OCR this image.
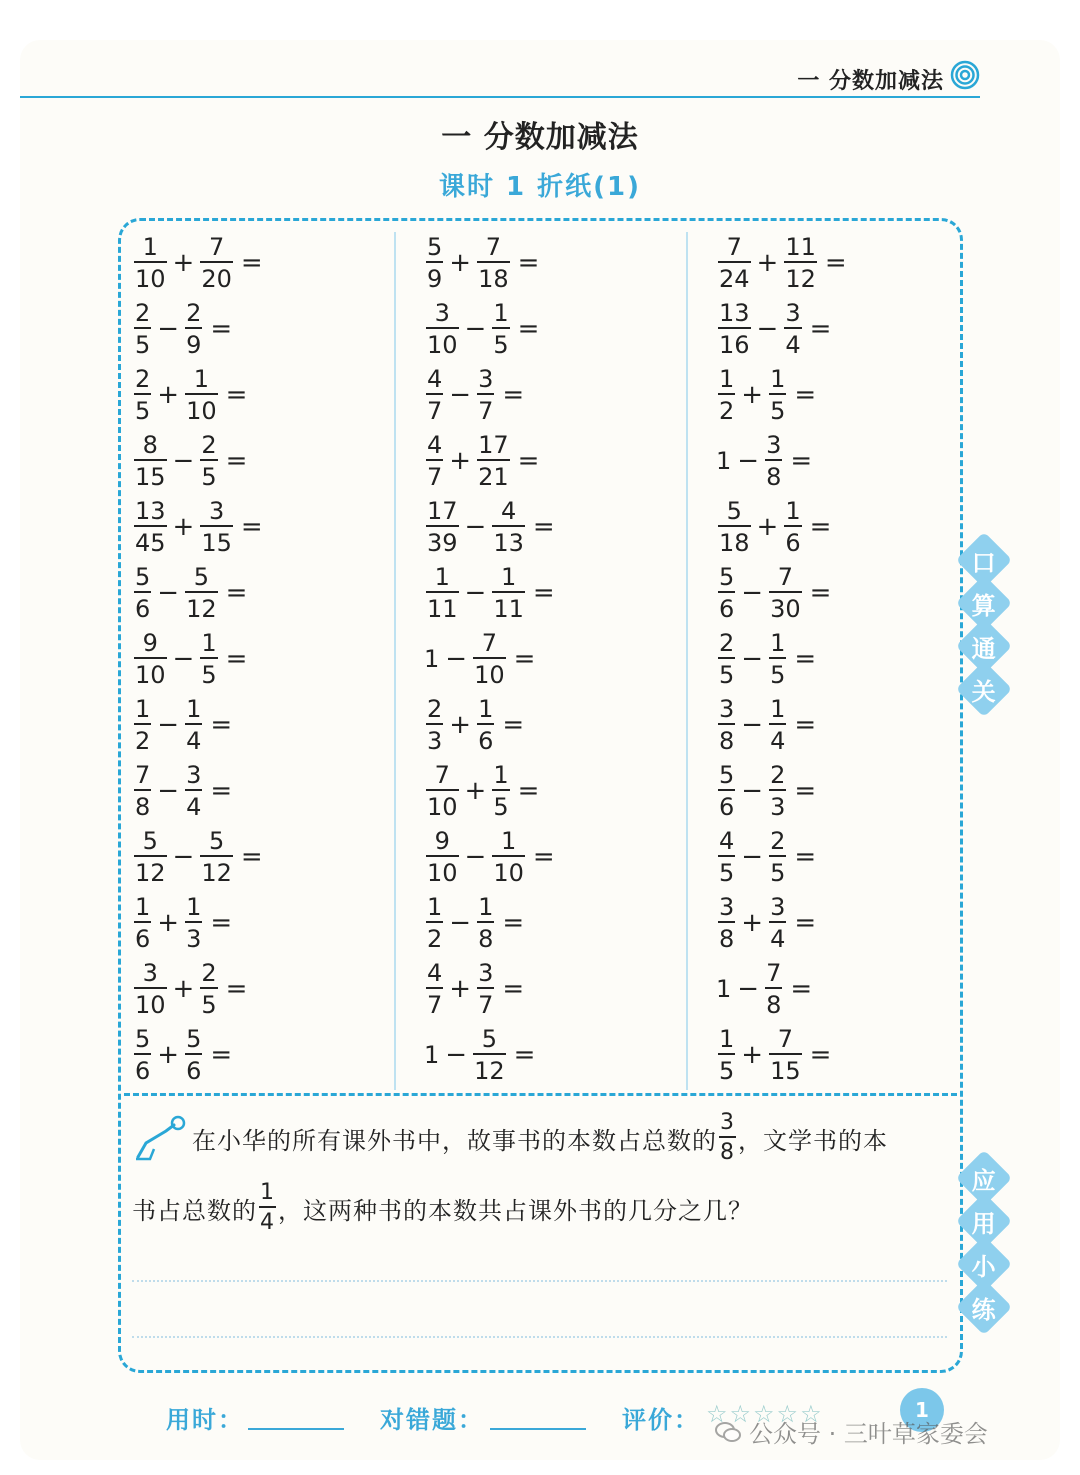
一 分数加减法
一 分数加减法
课时 1 折纸(1)
$\frac{1}{10} + \frac{7}{20}$ =
$\frac{2}{5} - \frac{2}{9}$ =
$\frac{2}{5} + \frac{1}{10}$ =
$\frac{8}{15} - \frac{2}{5}$ =
$\frac{13}{45} + \frac{3}{15}$ =
$\frac{5}{6} - \frac{5}{12}$ =
$\frac{9}{10} - \frac{1}{5}$ =
$\frac{1}{2} - \frac{1}{4}$ =
$\frac{7}{8} - \frac{3}{4}$ =
$\frac{5}{12} - \frac{5}{12}$ =
$\frac{1}{6} + \frac{1}{3}$ =
$\frac{3}{10} + \frac{2}{5}$ =
$\frac{5}{6} + \frac{5}{6}$ =
$\frac{5}{9} + \frac{7}{18}$ =
$\frac{3}{10} - \frac{1}{5}$ =
$\frac{4}{7} - \frac{3}{7}$ =
$\frac{4}{7} + \frac{17}{21}$ =
$\frac{17}{39} - \frac{4}{13}$ =
$\frac{1}{11} - \frac{1}{11}$ =
$1 - \frac{7}{10}$ =
$\frac{2}{3} + \frac{1}{6}$ =
$\frac{7}{10} + \frac{1}{5}$ =
$\frac{9}{10} - \frac{1}{10}$ =
$\frac{1}{2} - \frac{1}{8}$ =
$\frac{4}{7} + \frac{3}{7}$ =
$1 - \frac{5}{12}$ =
$\frac{7}{24} + \frac{11}{12}$ =
$\frac{13}{16} - \frac{3}{4}$ =
$\frac{1}{2} + \frac{1}{5}$ =
$1 - \frac{3}{8}$ =
$\frac{5}{18} + \frac{1}{6}$ =
$\frac{5}{6} - \frac{7}{30}$ =
$\frac{2}{5} - \frac{1}{5}$ =
$\frac{3}{8} - \frac{1}{4}$ =
$\frac{5}{6} - \frac{2}{3}$ =
$\frac{4}{5} - \frac{2}{5}$ =
$\frac{3}{8} + \frac{3}{4}$ =
$1 - \frac{7}{8}$ =
$\frac{1}{5} + \frac{7}{15}$ =
口
算
通
关
应
用
小
练
在小华的所有课外书中，故事书的本数占总数的 $\frac{3}{8}$ ，文学书的本
书占总数的 $\frac{1}{4}$ ，这两种书的本数共占课外书的几分之几？
用时：	对错题：	评价： ☆☆☆☆☆	1
公众号 · 三叶草家委会
